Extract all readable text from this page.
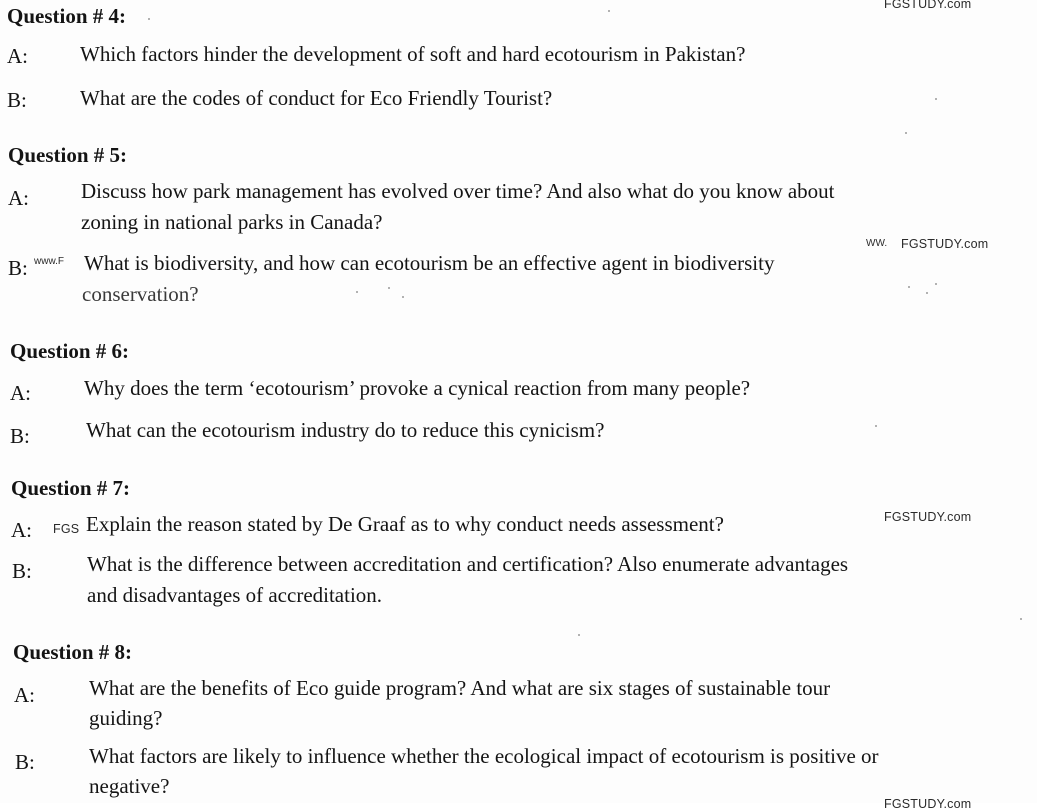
FGSTUDY.com
WW. FGSTUDY.com
FGSTUDY.com
FGSTUDY.com
Question # 4:
A: Which factors hinder the development of soft and hard ecotourism in Pakistan?
B:	What are the codes of conduct for Eco Friendly Tourist?
Question # 5:
A: Discuss how park management has evolved over time? And also what do you know about
zoning in national parks in Canada?
B: www.F What is biodiversity, and how can ecotourism be an effective agent in biodiversity
conservation?
Question # 6:
A:	Why does the term ‘ecotourism’ provoke a cynical reaction from many people?
B:	What can the ecotourism industry do to reduce this cynicism?
Question # 7:
A: FGS Explain the reason stated by De Graaf as to why conduct needs assessment?
B:	What is the difference between accreditation and certification? Also enumerate advantages
and disadvantages of accreditation.
Question # 8:
A:	What are the benefits of Eco guide program? And what are six stages of sustainable tour
guiding?
B:	What factors are likely to influence whether the ecological impact of ecotourism is positive or
negative?
